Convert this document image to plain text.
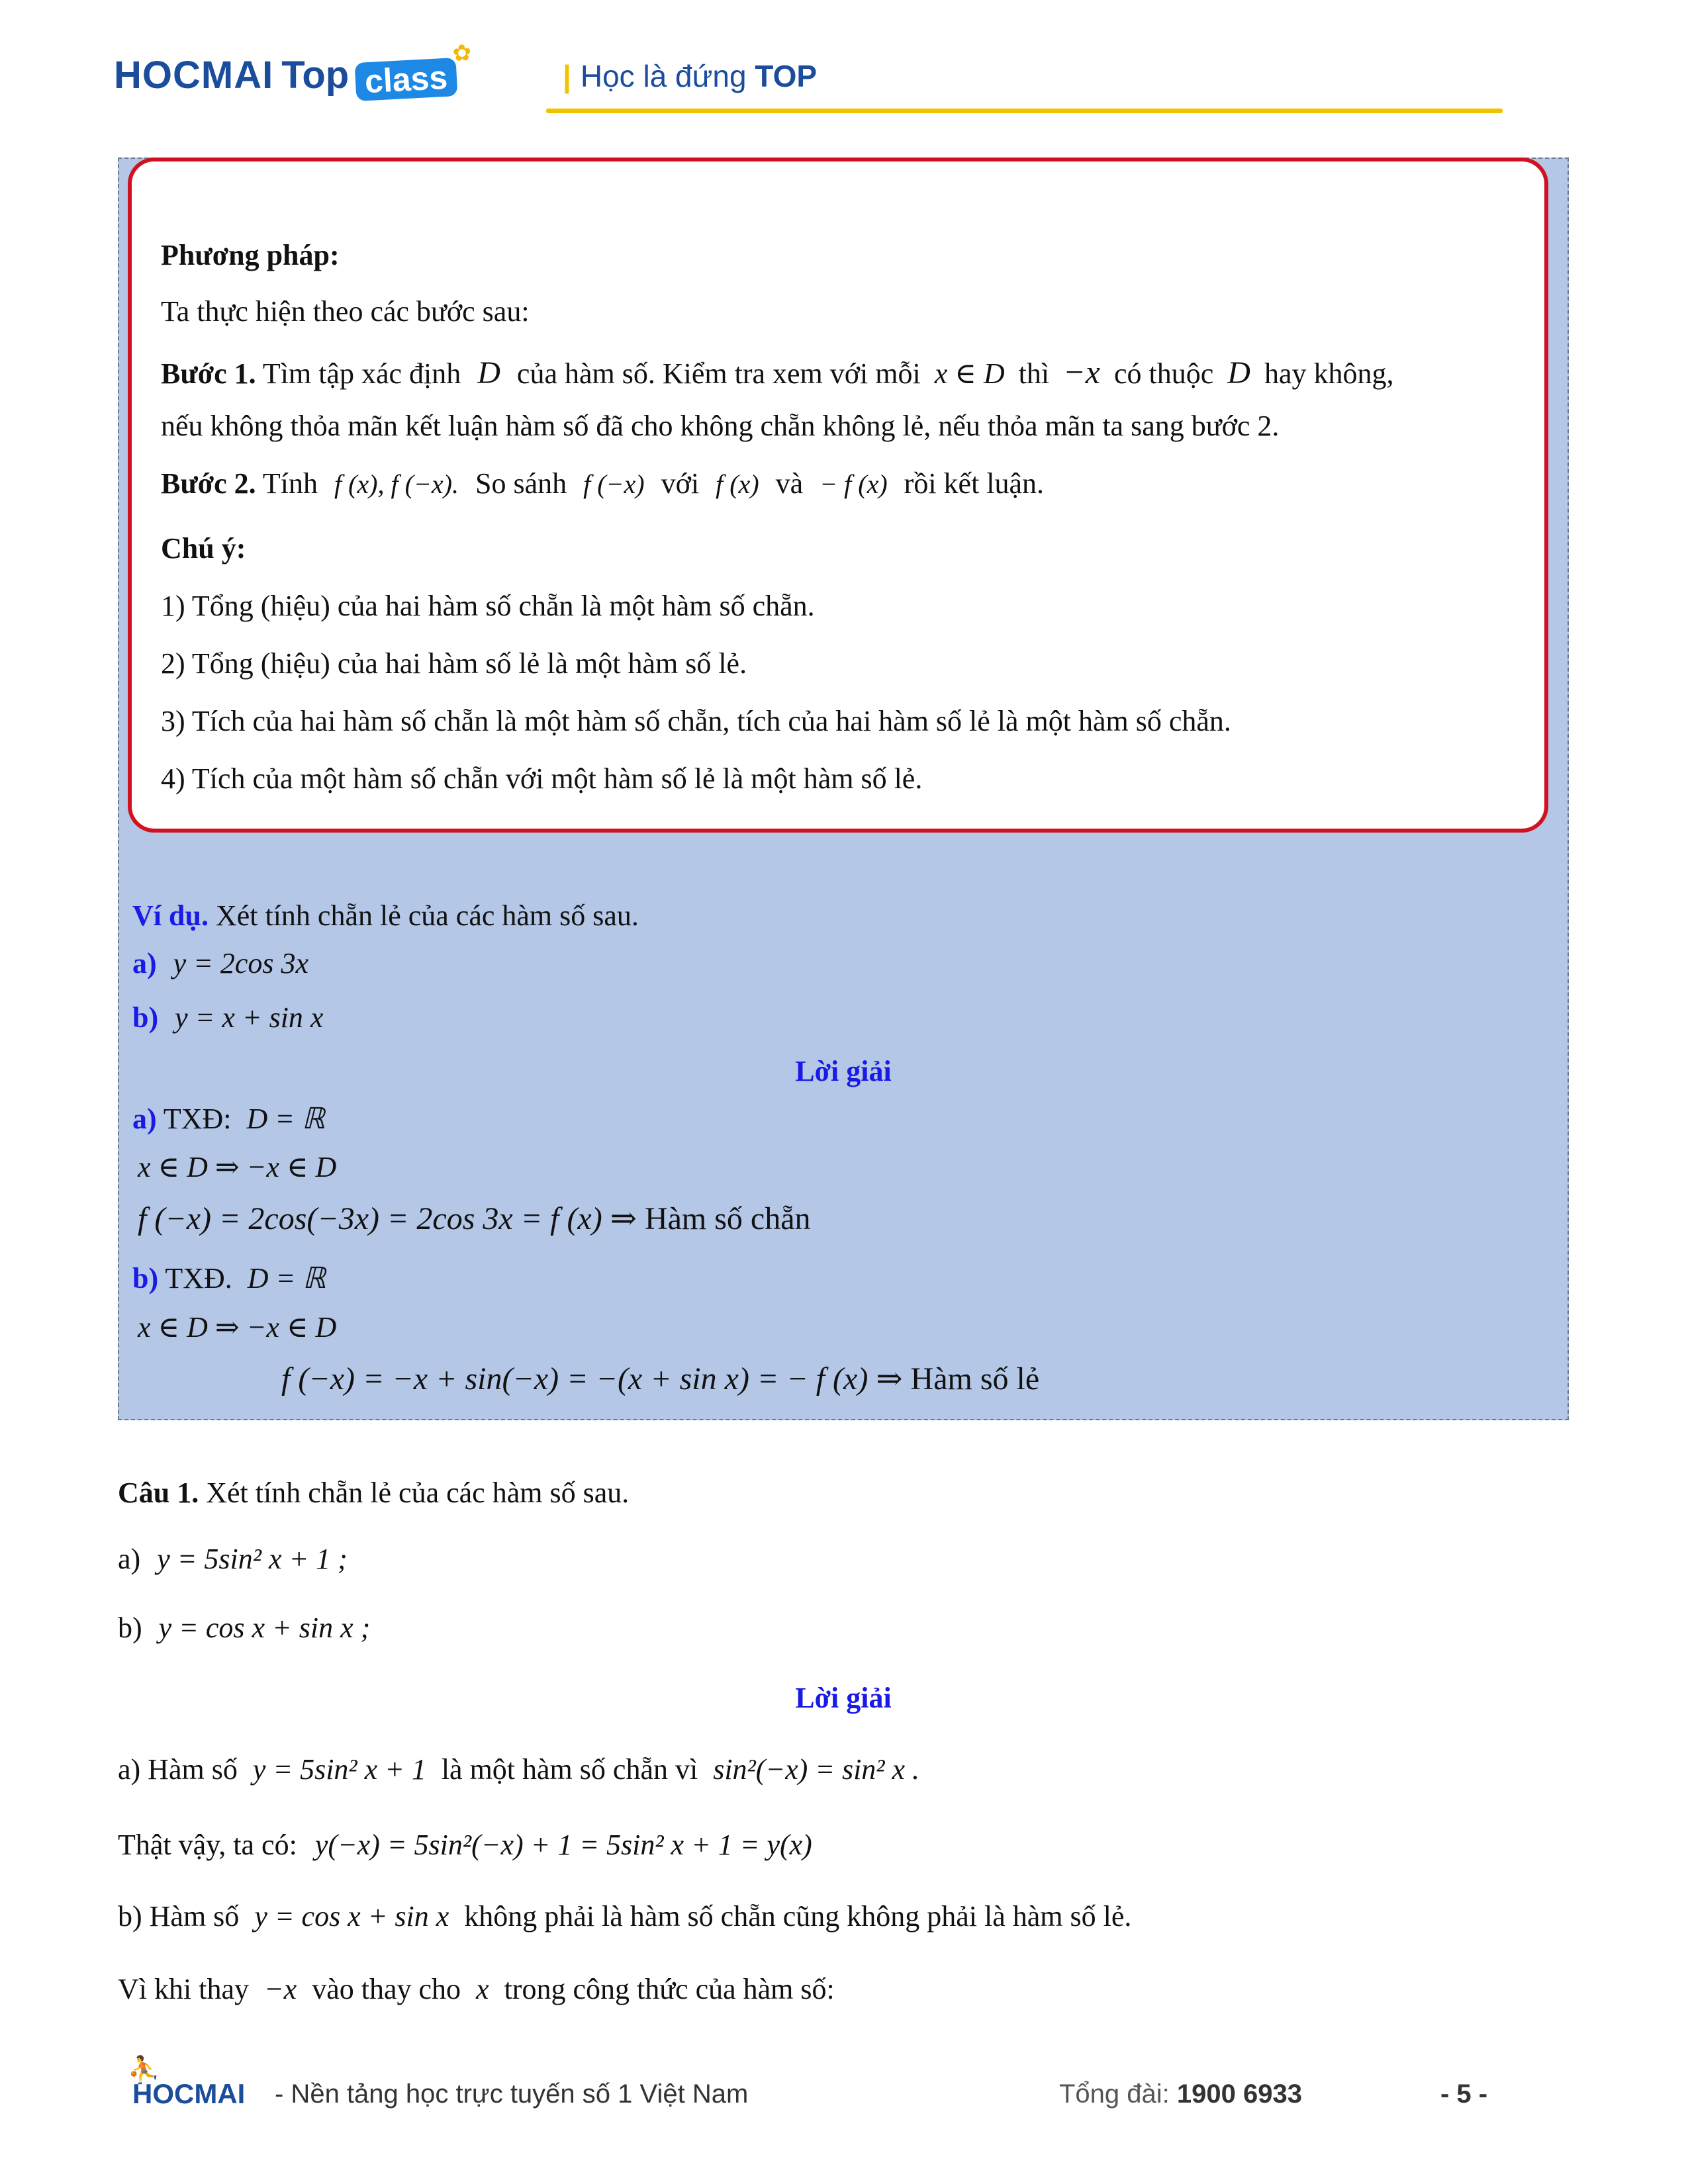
HOCMAI Top class
✿
| Học là đứng TOP
Phương pháp:
Ta thực hiện theo các bước sau:
Bước 1. Tìm tập xác định D của hàm số. Kiểm tra xem với mỗi x ∈ D thì −x có thuộc D hay không,
nếu không thỏa mãn kết luận hàm số đã cho không chẵn không lẻ, nếu thỏa mãn ta sang bước 2.
Bước 2. Tính f (x), f (−x). So sánh f (−x) với f (x) và − f (x) rồi kết luận.
Chú ý:
1) Tổng (hiệu) của hai hàm số chẵn là một hàm số chẵn.
2) Tổng (hiệu) của hai hàm số lẻ là một hàm số lẻ.
3) Tích của hai hàm số chẵn là một hàm số chẵn, tích của hai hàm số lẻ là một hàm số chẵn.
4) Tích của một hàm số chẵn với một hàm số lẻ là một hàm số lẻ.
Ví dụ. Xét tính chẵn lẻ của các hàm số sau.
a) y = 2cos 3x
b) y = x + sin x
Lời giải
a) TXĐ: D = ℝ
x ∈ D ⇒ −x ∈ D
f (−x) = 2cos(−3x) = 2cos 3x = f (x) ⇒ Hàm số chẵn
b) TXĐ. D = ℝ
x ∈ D ⇒ −x ∈ D
f (−x) = −x + sin(−x) = −(x + sin x) = − f (x) ⇒ Hàm số lẻ
Câu 1. Xét tính chẵn lẻ của các hàm số sau.
a) y = 5sin² x + 1 ;
b) y = cos x + sin x ;
Lời giải
a) Hàm số y = 5sin² x + 1 là một hàm số chẵn vì sin²(−x) = sin² x .
Thật vậy, ta có: y(−x) = 5sin²(−x) + 1 = 5sin² x + 1 = y(x)
b) Hàm số y = cos x + sin x không phải là hàm số chẵn cũng không phải là hàm số lẻ.
Vì khi thay −x vào thay cho x trong công thức của hàm số:
⛹
HOCMAI - Nền tảng học trực tuyến số 1 Việt Nam	Tổng đài: 1900 6933	- 5 -
